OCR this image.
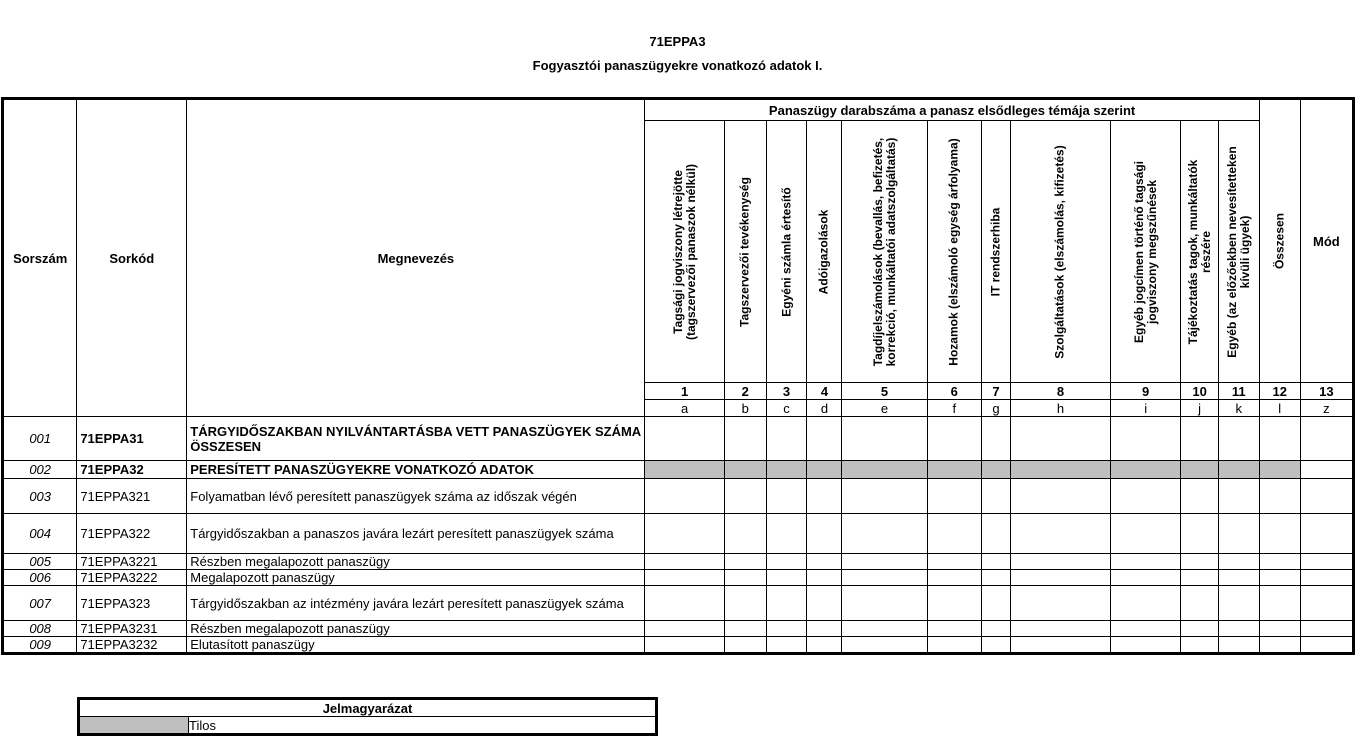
71EPPA3
Fogyasztói panaszügyekre vonatkozó adatok I.
Sorszám	Sorkód	Megnevezés	Panaszügy darabszáma a panasz elsődleges témája szerint											Összesen	Mód

			Tagsági jogviszony létrejötte (tagszervezői panaszok nélkül)	Tagszervezői tevékenység	Egyéni számla értesítő	Adóigazolások	Tagdíjelszámolások (bevallás, befizetés, korrekció, munkáltatói adatszolgáltatás)	Hozamok (elszámoló egység árfolyama)	IT rendszerhiba	Szolgáltatások (elszámolás, kifizetés)	Egyéb jogcímen történő tagsági jogviszony megszűnések	Tájékoztatás tagok, munkáltatók részére	Egyéb (az előzőekben nevesítetteken kívüli ügyek)		

			1	2	3	4	5	6	7	8	9	10	11	12	13
			a	b	c	d	e	f	g	h	i	j	k	l	z
001	71EPPA31	TÁRGYIDŐSZAKBAN NYILVÁNTARTÁSBA VETT PANASZÜGYEK SZÁMA ÖSSZESEN													
002	71EPPA32	PERESÍTETT PANASZÜGYEKRE VONATKOZÓ ADATOK													
003	71EPPA321	Folyamatban lévő peresített panaszügyek száma az időszak végén													
004	71EPPA322	Tárgyidőszakban a panaszos javára lezárt peresített panaszügyek száma													
005	71EPPA3221	Részben megalapozott panaszügy													
006	71EPPA3222	Megalapozott panaszügy													
007	71EPPA323	Tárgyidőszakban az intézmény javára lezárt peresített panaszügyek száma													
008	71EPPA3231	Részben megalapozott panaszügy													
009	71EPPA3232	Elutasított panaszügy													
Jelmagyarázat
	Tilos
